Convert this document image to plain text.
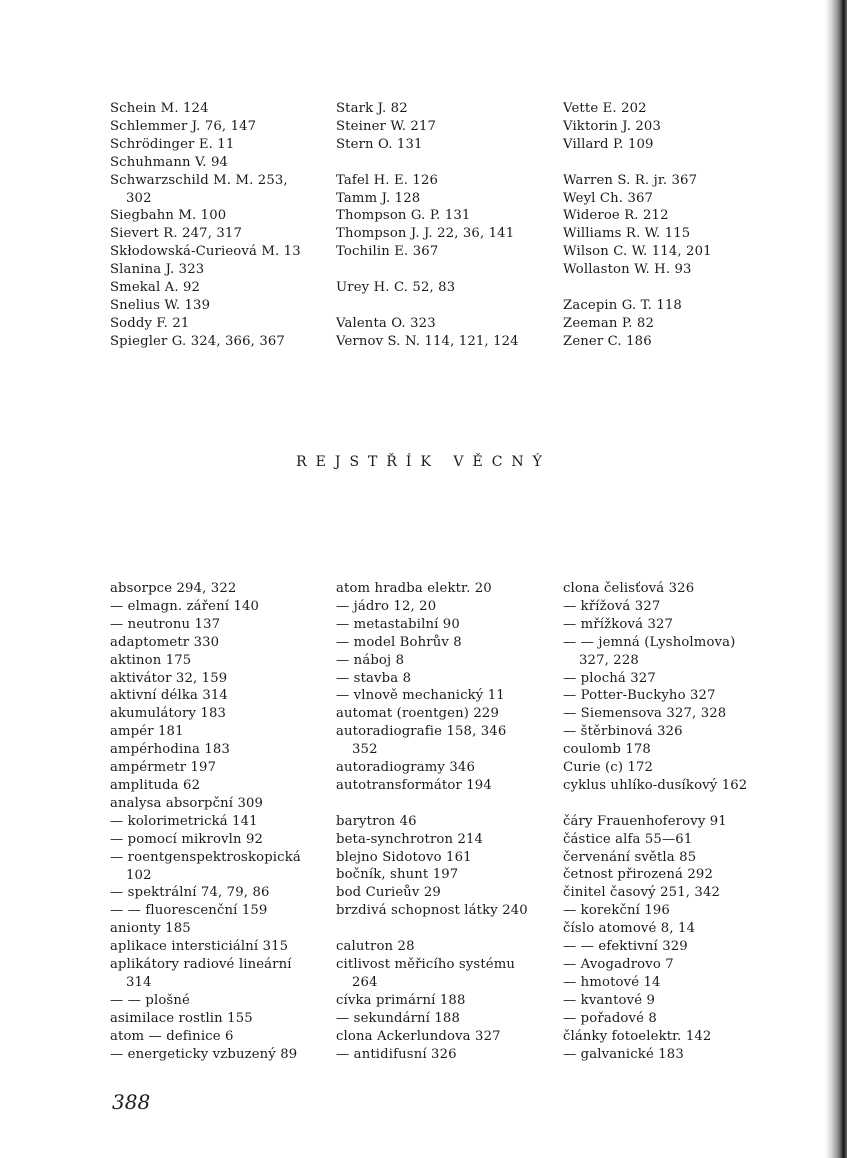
Schein M. 124
Schlemmer J. 76, 147
Schrödinger E. 11
Schuhmann V. 94
Schwarzschild M. M. 253,
302
Siegbahn M. 100
Sievert R. 247, 317
Skłodowská-Curieová M. 13
Slanina J. 323
Smekal A. 92
Snelius W. 139
Soddy F. 21
Spiegler G. 324, 366, 367
Stark J. 82
Steiner W. 217
Stern O. 131
Tafel H. E. 126
Tamm J. 128
Thompson G. P. 131
Thompson J. J. 22, 36, 141
Tochilin E. 367
Urey H. C. 52, 83
Valenta O. 323
Vernov S. N. 114, 121, 124
Vette E. 202
Viktorin J. 203
Villard P. 109
Warren S. R. jr. 367
Weyl Ch. 367
Wideroe R. 212
Williams R. W. 115
Wilson C. W. 114, 201
Wollaston W. H. 93
Zacepin G. T. 118
Zeeman P. 82
Zener C. 186
REJSTŘÍK VĚCNÝ
absorpce 294, 322
— elmagn. záření 140
— neutronu 137
adaptometr 330
aktinon 175
aktivátor 32, 159
aktivní délka 314
akumulátory 183
ampér 181
ampérhodina 183
ampérmetr 197
amplituda 62
analysa absorpční 309
— kolorimetrická 141
— pomocí mikrovln 92
— roentgenspektroskopická
102
— spektrální 74, 79, 86
— — fluorescenční 159
anionty 185
aplikace intersticiální 315
aplikátory radiové lineární
314
— — plošné
asimilace rostlin 155
atom — definice 6
— energeticky vzbuzený 89
atom hradba elektr. 20
— jádro 12, 20
— metastabilní 90
— model Bohrův 8
— náboj 8
— stavba 8
— vlnově mechanický 11
automat (roentgen) 229
autoradiografie 158, 346
352
autoradiogramy 346
autotransformátor 194
barytron 46
beta-synchrotron 214
blejno Sidotovo 161
bočník, shunt 197
bod Curieův 29
brzdivá schopnost látky 240
calutron 28
citlivost měřicího systému
264
cívka primární 188
— sekundární 188
clona Ackerlundova 327
— antidifusní 326
clona čelisťová 326
— křížová 327
— mřížková 327
— — jemná (Lysholmova)
327, 228
— plochá 327
— Potter-Buckyho 327
— Siemensova 327, 328
— štěrbinová 326
coulomb 178
Curie (c) 172
cyklus uhlíko-dusíkový 162
čáry Frauenhoferovy 91
částice alfa 55—61
červenání světla 85
četnost přirozená 292
činitel časový 251, 342
— korekční 196
číslo atomové 8, 14
— — efektivní 329
— Avogadrovo 7
— hmotové 14
— kvantové 9
— pořadové 8
články fotoelektr. 142
— galvanické 183
388
